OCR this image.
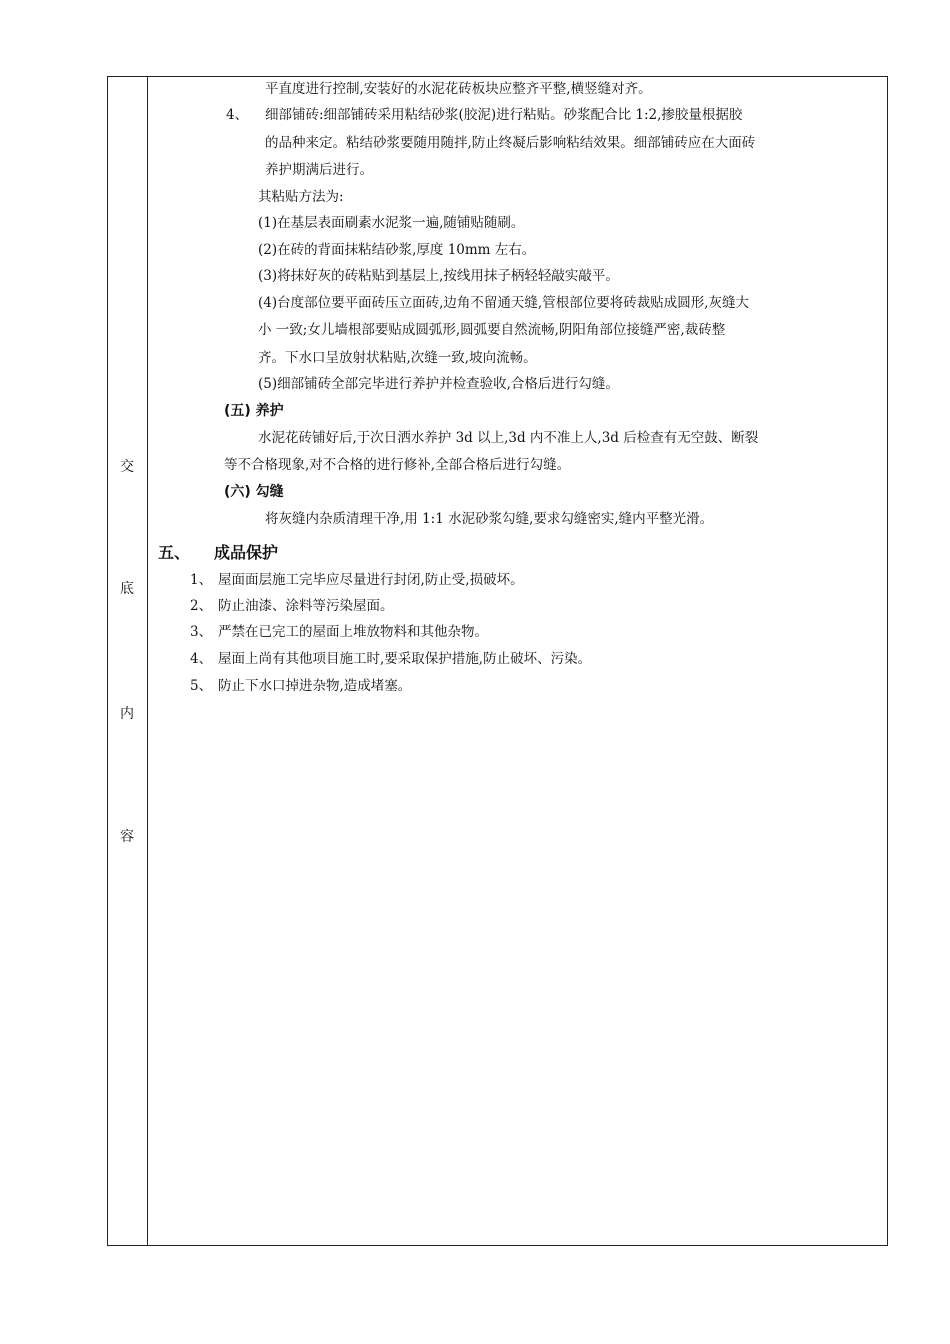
交
底
内
容
平直度进行控制,安装好的水泥花砖板块应整齐平整,横竖缝对齐。
4、 细部铺砖:细部铺砖采用粘结砂浆(胶泥)进行粘贴。砂浆配合比 1:2,掺胶量根据胶
的品种来定。粘结砂浆要随用随拌,防止终凝后影响粘结效果。细部铺砖应在大面砖
养护期满后进行。
其粘贴方法为:
(1)在基层表面刷素水泥浆一遍,随铺贴随刷。
(2)在砖的背面抹粘结砂浆,厚度 10mm 左右。
(3)将抹好灰的砖粘贴到基层上,按线用抹子柄轻轻敲实敲平。
(4)台度部位要平面砖压立面砖,边角不留通天缝,管根部位要将砖裁贴成圆形,灰缝大
小 一致;女儿墙根部要贴成圆弧形,圆弧要自然流畅,阴阳角部位接缝严密,裁砖整
齐。下水口呈放射状粘贴,次缝一致,坡向流畅。
(5)细部铺砖全部完毕进行养护并检查验收,合格后进行勾缝。
(五) 养护
水泥花砖铺好后,于次日洒水养护 3d 以上,3d 内不准上人,3d 后检查有无空鼓、断裂
等不合格现象,对不合格的进行修补,全部合格后进行勾缝。
(六) 勾缝
将灰缝内杂质清理干净,用 1:1 水泥砂浆勾缝,要求勾缝密实,缝内平整光滑。
五、 成品保护
1、 屋面面层施工完毕应尽量进行封闭,防止受,损破坏。
2、 防止油漆、涂料等污染屋面。
3、 严禁在已完工的屋面上堆放物料和其他杂物。
4、 屋面上尚有其他项目施工时,要采取保护措施,防止破坏、污染。
5、 防止下水口掉进杂物,造成堵塞。
